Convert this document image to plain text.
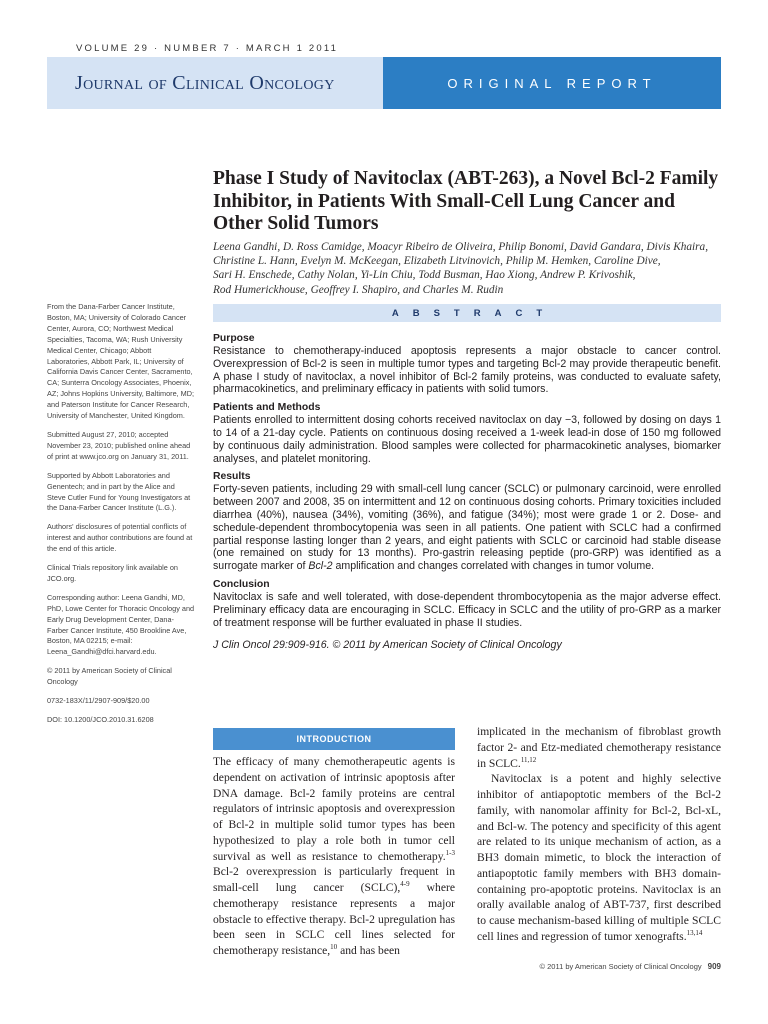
VOLUME 29 · NUMBER 7 · MARCH 1 2011
Journal of Clinical Oncology	ORIGINAL REPORT
Phase I Study of Navitoclax (ABT-263), a Novel Bcl-2 Family Inhibitor, in Patients With Small-Cell Lung Cancer and Other Solid Tumors
Leena Gandhi, D. Ross Camidge, Moacyr Ribeiro de Oliveira, Philip Bonomi, David Gandara, Divis Khaira,
Christine L. Hann, Evelyn M. McKeegan, Elizabeth Litvinovich, Philip M. Hemken, Caroline Dive,
Sari H. Enschede, Cathy Nolan, Yi-Lin Chiu, Todd Busman, Hao Xiong, Andrew P. Krivoshik,
Rod Humerickhouse, Geoffrey I. Shapiro, and Charles M. Rudin

From the Dana-Farber Cancer Institute, Boston, MA; University of Colorado Cancer Center, Aurora, CO; Northwest Medical Specialties, Tacoma, WA; Rush University Medical Center, Chicago; Abbott Laboratories, Abbott Park, IL; University of California Davis Cancer Center, Sacramento, CA; Sunterra Oncology Associates, Phoenix, AZ; Johns Hopkins University, Baltimore, MD; and Paterson Institute for Cancer Research, University of Manchester, United Kingdom.

Submitted August 27, 2010; accepted November 23, 2010; published online ahead of print at www.jco.org on January 31, 2011.

Supported by Abbott Laboratories and Genentech; and in part by the Alice and Steve Cutler Fund for Young Investigators at the Dana-Farber Cancer Institute (L.G.).

Authors' disclosures of potential conflicts of interest and author contributions are found at the end of this article.

Clinical Trials repository link available on JCO.org.

Corresponding author: Leena Gandhi, MD, PhD, Lowe Center for Thoracic Oncology and Early Drug Development Center, Dana-Farber Cancer Institute, 450 Brookline Ave, Boston, MA 02215; e-mail: Leena_Gandhi@dfci.harvard.edu.

© 2011 by American Society of Clinical Oncology

0732-183X/11/2907-909/$20.00
DOI: 10.1200/JCO.2010.31.6208
ABSTRACT
Purpose

Resistance to chemotherapy-induced apoptosis represents a major obstacle to cancer control. Overexpression of Bcl-2 is seen in multiple tumor types and targeting Bcl-2 may provide therapeutic benefit. A phase I study of navitoclax, a novel inhibitor of Bcl-2 family proteins, was conducted to evaluate safety, pharmacokinetics, and preliminary efficacy in patients with solid tumors.

Patients and Methods

Patients enrolled to intermittent dosing cohorts received navitoclax on day −3, followed by dosing on days 1 to 14 of a 21-day cycle. Patients on continuous dosing received a 1-week lead-in dose of 150 mg followed by continuous daily administration. Blood samples were collected for pharmacokinetic analyses, biomarker analyses, and platelet monitoring.

Results

Forty-seven patients, including 29 with small-cell lung cancer (SCLC) or pulmonary carcinoid, were enrolled between 2007 and 2008, 35 on intermittent and 12 on continuous dosing cohorts. Primary toxicities included diarrhea (40%), nausea (34%), vomiting (36%), and fatigue (34%); most were grade 1 or 2. Dose- and schedule-dependent thrombocytopenia was seen in all patients. One patient with SCLC had a confirmed partial response lasting longer than 2 years, and eight patients with SCLC or carcinoid had stable disease (one remained on study for 13 months). Pro-gastrin releasing peptide (pro-GRP) was identified as a surrogate marker of Bcl-2 amplification and changes correlated with changes in tumor volume.

Conclusion

Navitoclax is safe and well tolerated, with dose-dependent thrombocytopenia as the major adverse effect. Preliminary efficacy data are encouraging in SCLC. Efficacy in SCLC and the utility of pro-GRP as a marker of treatment response will be further evaluated in phase II studies.

J Clin Oncol 29:909-916. © 2011 by American Society of Clinical Oncology

INTRODUCTION

The efficacy of many chemotherapeutic agents is dependent on activation of intrinsic apoptosis after DNA damage. Bcl-2 family proteins are central regulators of intrinsic apoptosis and overexpression of Bcl-2 in multiple solid tumor types has been hypothesized to play a role both in tumor cell survival as well as resistance to chemotherapy.$^{1-3}$ Bcl-2 overexpression is particularly frequent in small-cell lung cancer (SCLC),$^{4-9}$ where chemotherapy resistance represents a major obstacle to effective therapy. Bcl-2 upregulation has been seen in SCLC cell lines selected for chemotherapy resistance,$^{10}$ and has been

implicated in the mechanism of fibroblast growth factor 2- and Etz-mediated chemotherapy resistance in SCLC.$^{11,12}$

Navitoclax is a potent and highly selective inhibitor of antiapoptotic members of the Bcl-2 family, with nanomolar affinity for Bcl-2, Bcl-xL, and Bcl-w. The potency and specificity of this agent are related to its unique mechanism of action, as a BH3 domain mimetic, to block the interaction of antiapoptotic family members with BH3 domain-containing pro-apoptotic proteins. Navitoclax is an orally available analog of ABT-737, first described to cause mechanism-based killing of multiple SCLC cell lines and regression of tumor xenografts.$^{13,14}$

© 2011 by American Society of Clinical Oncology 909
